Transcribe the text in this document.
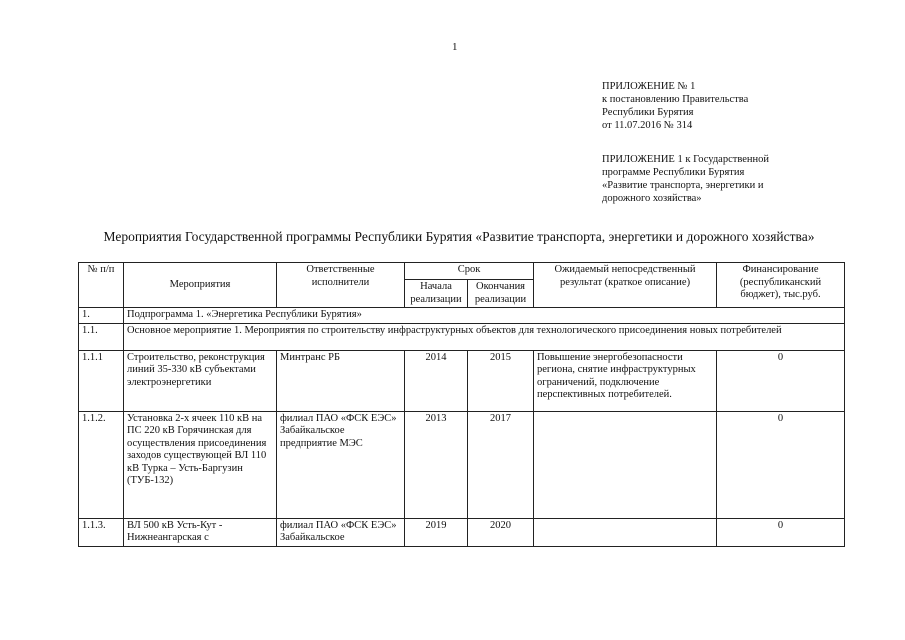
1
ПРИЛОЖЕНИЕ № 1
к постановлению Правительства
Республики Бурятия
от 11.07.2016 № 314
ПРИЛОЖЕНИЕ 1 к Государственной
программе Республики Бурятия
«Развитие транспорта, энергетики и
дорожного хозяйства»
Мероприятия Государственной программы Республики Бурятия «Развитие транспорта, энергетики и дорожного хозяйства»
№ п/п	Мероприятия	Ответственные исполнители	Срок		Ожидаемый непосредственный результат (краткое описание)	Финансирование (республиканский бюджет), тыс.руб.
			Начала реализации	Окончания реализации		
1.	Подпрограмма 1. «Энергетика Республики Бурятия»					
1.1.	Основное мероприятие 1. Мероприятия по строительству инфраструктурных объектов для технологического присоединения новых потребителей					
1.1.1	Строительство, реконструкция линий 35-330 кВ субъектами электроэнергетики	Минтранс РБ	2014	2015	Повышение энергобезопасности региона, снятие инфраструктурных ограничений, подключение перспективных потребителей.	0
1.1.2.	Установка 2-х ячеек 110 кВ на ПС 220 кВ Горячинская для осуществления присоединения заходов существующей ВЛ 110 кВ Турка – Усть-Баргузин (ТУБ-132)	филиал ПАО «ФСК ЕЭС» Забайкальское предприятие МЭС	2013	2017		0
1.1.3.	ВЛ 500 кВ Усть-Кут - Нижнеангарская с	филиал ПАО «ФСК ЕЭС» Забайкальское	2019	2020		0
